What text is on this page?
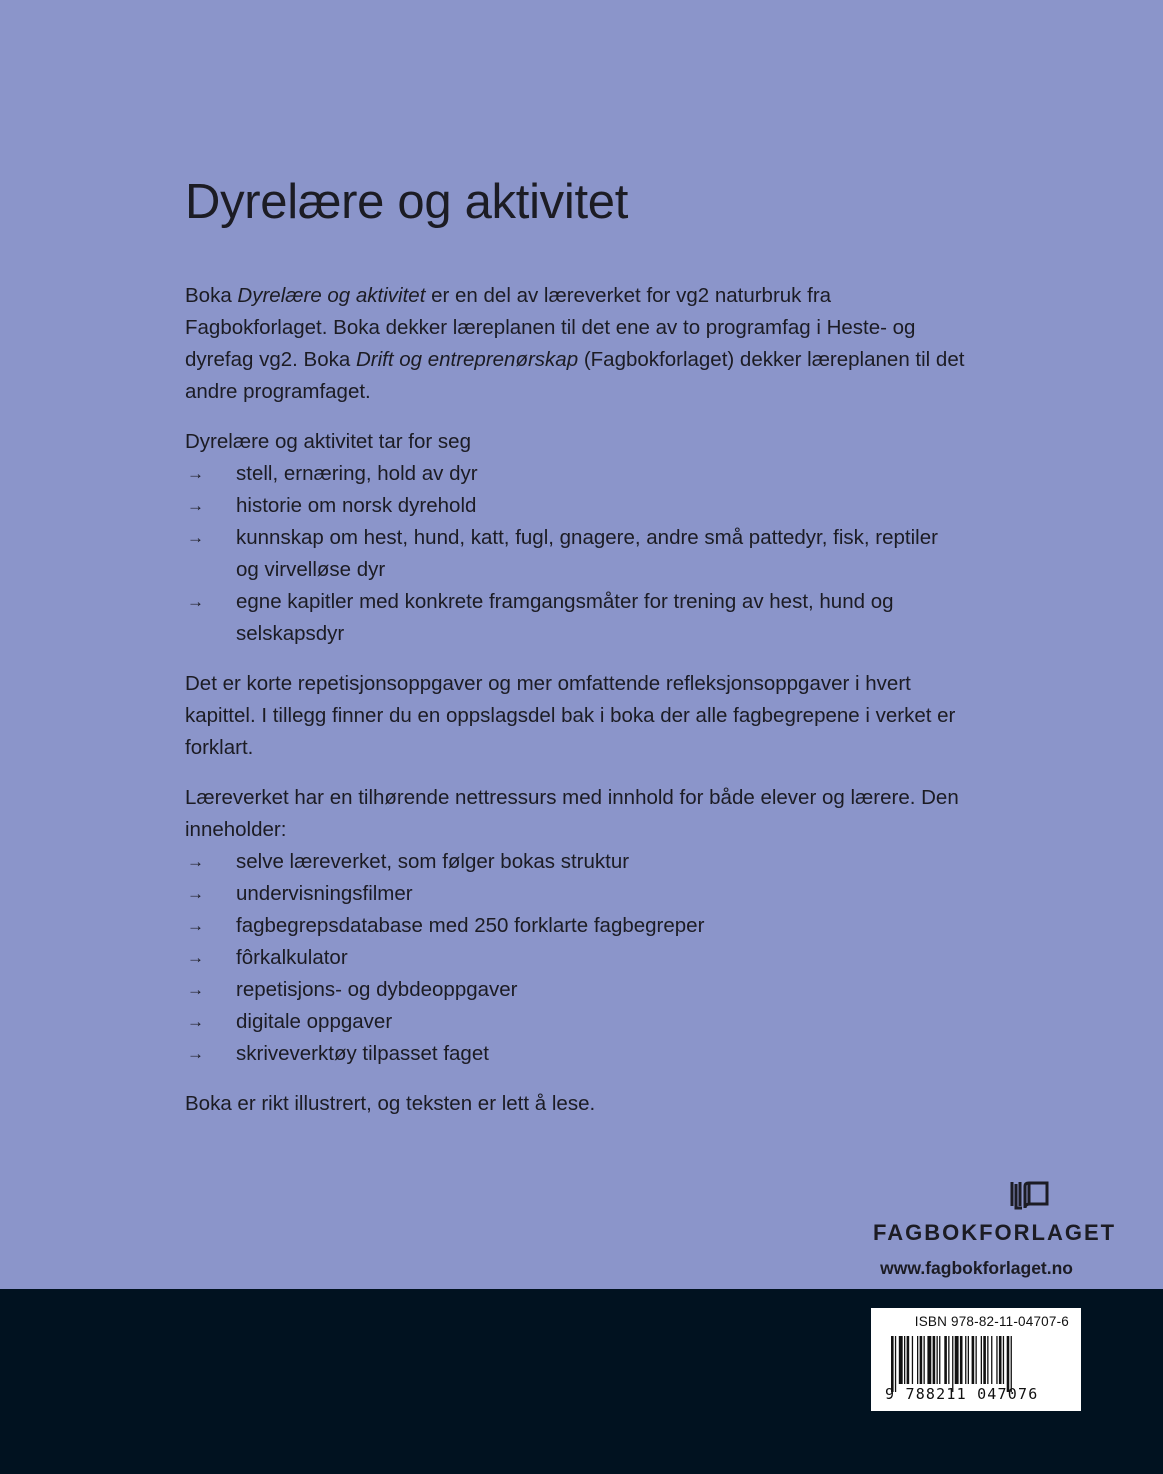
Dyrelære og aktivitet

Boka Dyrelære og aktivitet er en del av læreverket for vg2 naturbruk fra Fagbokforlaget. Boka dekker læreplanen til det ene av to programfag i Heste- og dyrefag vg2. Boka Drift og entreprenørskap (Fagbokforlaget) dekker læreplanen til det andre programfaget.

Dyrelære og aktivitet tar for seg

→ stell, ernæring, hold av dyr
→ historie om norsk dyrehold
→ kunnskap om hest, hund, katt, fugl, gnagere, andre små pattedyr, fisk, reptiler og virvelløse dyr
→ egne kapitler med konkrete framgangsmåter for trening av hest, hund og selskapsdyr

Det er korte repetisjonsoppgaver og mer omfattende refleksjonsoppgaver i hvert kapittel. I tillegg finner du en oppslagsdel bak i boka der alle fagbegrepene i verket er forklart.

Læreverket har en tilhørende nettressurs med innhold for både elever og lærere. Den inneholder:

→ selve læreverket, som følger bokas struktur
→ undervisningsfilmer
→ fagbegrepsdatabase med 250 forklarte fagbegreper
→ fôrkalkulator
→ repetisjons- og dybdeoppgaver
→ digitale oppgaver
→ skriveverktøy tilpasset faget

Boka er rikt illustrert, og teksten er lett å lese.

FAGBOKFORLAGET
www.fagbokforlaget.no
ISBN 978-82-11-04707-6
9 788211 047076
